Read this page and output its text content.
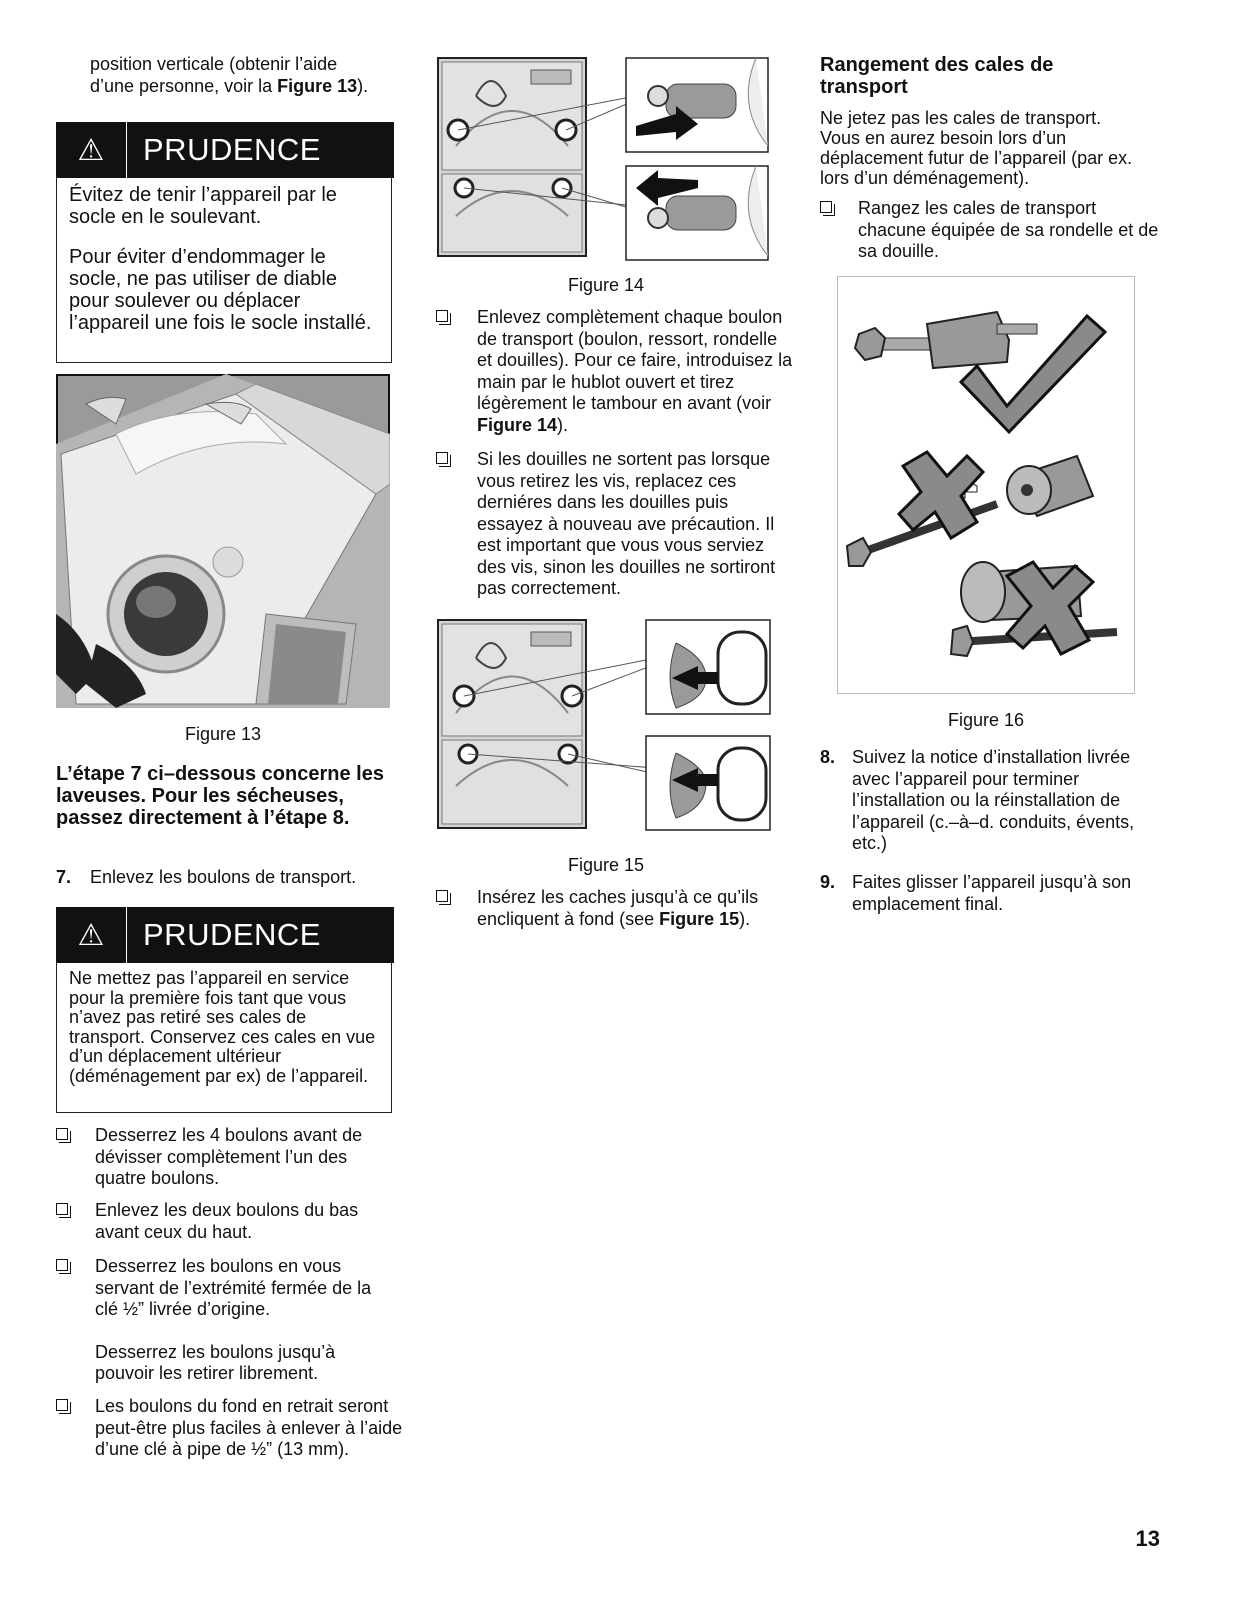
position verticale (obtenir l’aide
d’une personne, voir la Figure 13).
⚠	PRUDENCE
Évitez de tenir l’appareil par le socle en le soulevant.
Pour éviter d’endommager le socle, ne pas utiliser de diable pour soulever ou déplacer l’appareil une fois le socle installé.
Figure 13
L’étape 7 ci–dessous concerne les laveuses. Pour les sécheuses, passez directement à l’étape 8.
7. Enlevez les boulons de transport.
⚠	PRUDENCE
Ne mettez pas l’appareil en service pour la première fois tant que vous n’avez pas retiré ses cales de transport. Conservez ces cales en vue d’un déplacement ultérieur (déménagement par ex) de l’appareil.
Desserrez les 4 boulons avant de dévisser complètement l’un des quatre boulons.
Enlevez les deux boulons du bas avant ceux du haut.
Desserrez les boulons en vous servant de l’extrémité fermée de la clé ½” livrée d’origine.
Desserrez les boulons jusqu’à pouvoir les retirer librement.
Les boulons du fond en retrait seront peut-être plus faciles à enlever à l’aide d’une clé à pipe de ½” (13 mm).
Figure 14
Enlevez complètement chaque boulon de transport (boulon, ressort, rondelle et douilles). Pour ce faire, introduisez la main par le hublot ouvert et tirez légèrement le tambour en avant (voir Figure 14).
Si les douilles ne sortent pas lorsque vous retirez les vis, replacez ces derniéres dans les douilles puis essayez à nouveau ave précaution. Il est important que vous vous serviez des vis, sinon les douilles ne sortiront pas correctement.
Figure 15
Insérez les caches jusqu’à ce qu’ils encliquent à fond (see Figure 15).
Rangement des cales de transport
Ne jetez pas les cales de transport. Vous en aurez besoin lors d’un déplacement futur de l’appareil (par ex. lors d’un déménagement).
Rangez les cales de transport chacune équipée de sa rondelle et de sa douille.
Figure 16
8. Suivez la notice d’installation livrée avec l’appareil pour terminer l’installation ou la réinstallation de l’appareil (c.–à–d. conduits, évents, etc.)
9. Faites glisser l’appareil jusqu’à son emplacement final.
13
